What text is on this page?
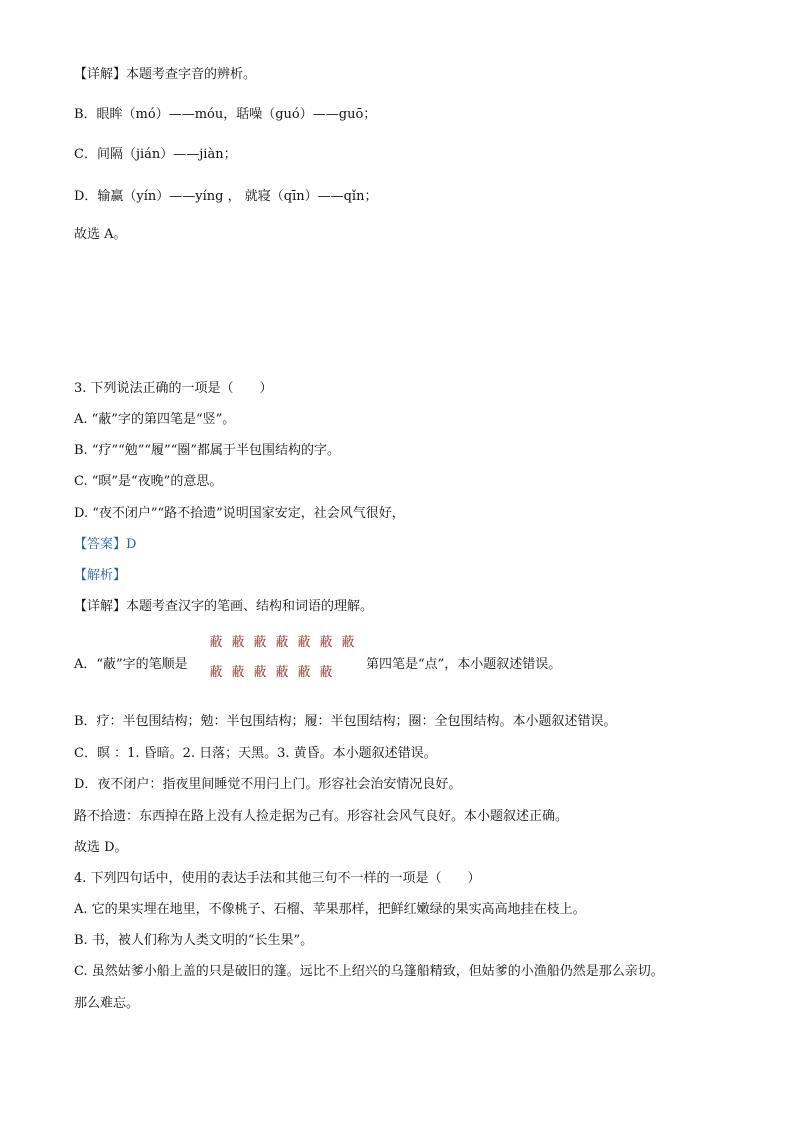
【详解】本题考查字音的辨析。
B．眼眸（mó）——móu，聒噪（guó）——guō；
C．间隔（jián）——jiàn；
D．输赢（yín）——yíng ， 就寝（qīn）——qǐn；
故选 A。
3. 下列说法正确的一项是（　　）
A. “蔽”字的第四笔是“竖”。
B. “疗”“勉”“履”“圈”都属于半包围结构的字。
C. “暝”是“夜晚”的意思。
D. “夜不闭户”“路不拾遗”说明国家安定，社会风气很好，
【答案】D
【解析】
【详解】本题考查汉字的笔画、结构和词语的理解。
A．“蔽”字的笔顺是
蔽 蔽 蔽 蔽 蔽 蔽 蔽
蔽 蔽 蔽 蔽 蔽 蔽
第四笔是“点”，本小题叙述错误。
B．疗：半包围结构；勉：半包围结构；履：半包围结构；圈：全包围结构。本小题叙述错误。
C．暝 ：1. 昏暗。2. 日落；天黑。3. 黄昏。本小题叙述错误。
D．夜不闭户：指夜里间睡觉不用闩上门。形容社会治安情况良好。
路不拾遗：东西掉在路上没有人捡走据为己有。形容社会风气良好。本小题叙述正确。
故选 D。
4. 下列四句话中，使用的表达手法和其他三句不一样的一项是（　　）
A. 它的果实埋在地里，不像桃子、石榴、苹果那样，把鲜红嫩绿的果实高高地挂在枝上。
B. 书，被人们称为人类文明的“长生果”。
C. 虽然姑爹小船上盖的只是破旧的篷。远比不上绍兴的乌篷船精致，但姑爹的小渔船仍然是那么亲切。
那么难忘。
